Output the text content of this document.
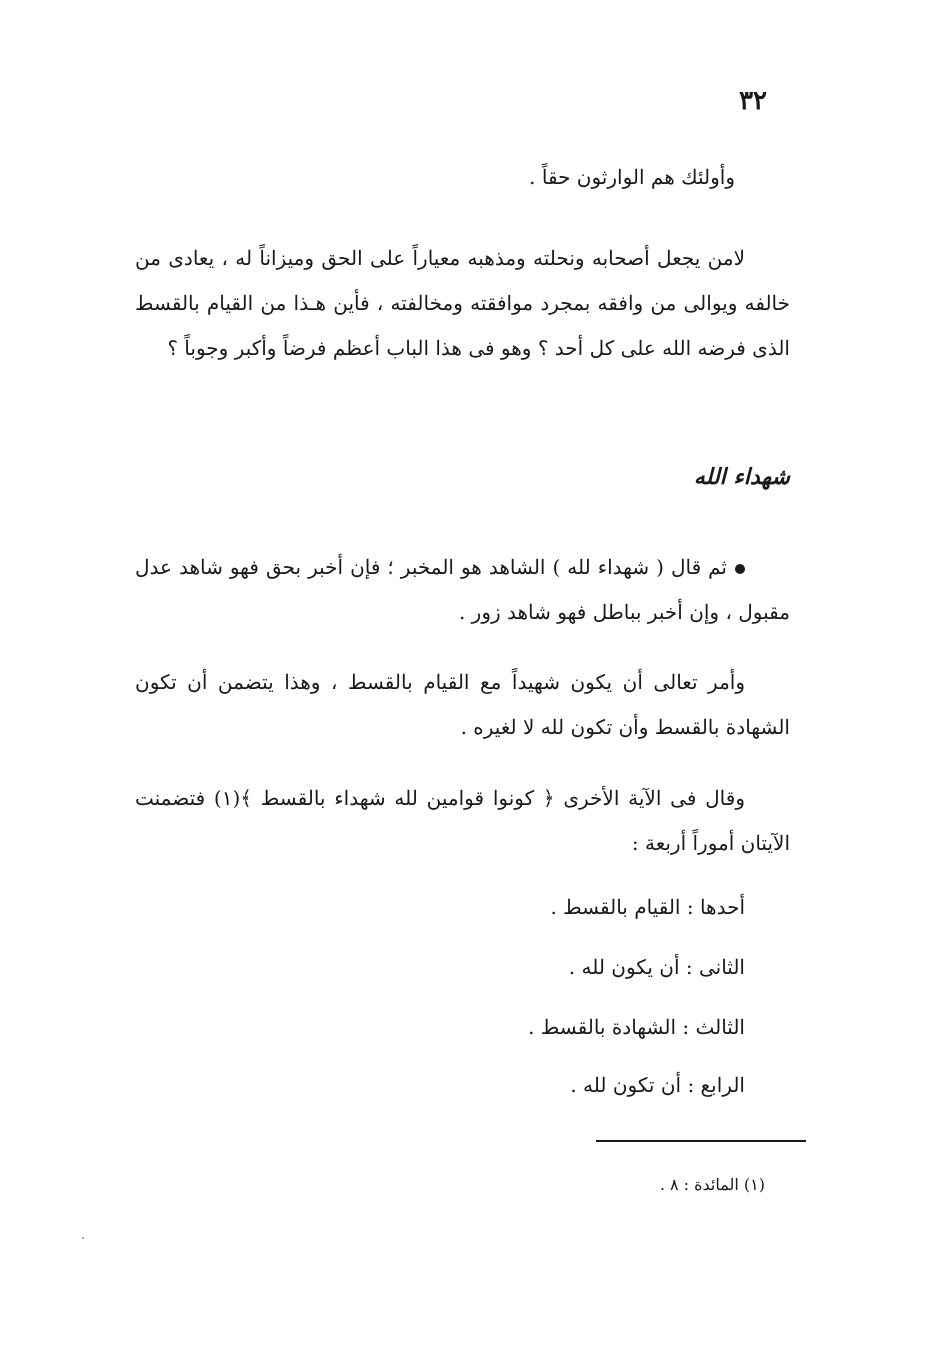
٣٢
وأولئك هم الوارثون حقاً .
لامن يجعل أصحابه ونحلته ومذهبه معياراً على الحق وميزاناً له ، يعادى من خالفه ويوالى من وافقه بمجرد موافقته ومخالفته ، فأين هـذا من القيام بالقسط الذى فرضه الله على كل أحد ؟ وهو فى هذا الباب أعظم فرضاً وأكبر وجوباً ؟
شهداء الله
ثم قال ( شهداء لله ) الشاهد هو المخبر ؛ فإن أخبر بحق فهو شاهد عدل مقبول ، وإن أخبر بباطل فهو شاهد زور .
وأمر تعالى أن يكون شهيداً مع القيام بالقسط ، وهذا يتضمن أن تكون الشهادة بالقسط وأن تكون لله لا لغيره .
وقال فى الآية الأخرى ﴿ كونوا قوامين لله شهداء بالقسط ﴾(١) فتضمنت الآيتان أموراً أربعة :
أحدها : القيام بالقسط .
الثانى : أن يكون لله .
الثالث : الشهادة بالقسط .
الرابع : أن تكون لله .
(١) المائدة : ٨ .
